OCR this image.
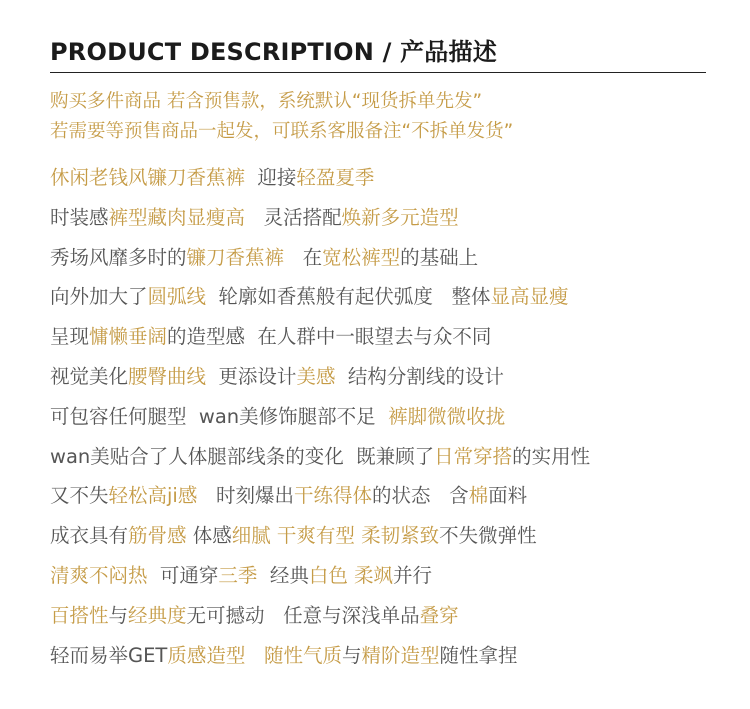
PRODUCT DESCRIPTION / 产品描述
购买多件商品 若含预售款，系统默认“现货拆单先发”
若需要等预售商品一起发，可联系客服备注“不拆单发货”
休闲老钱风镰刀香蕉裤  迎接轻盈夏季
时装感裤型藏肉显瘦高   灵活搭配焕新多元造型
秀场风靡多时的镰刀香蕉裤   在宽松裤型的基础上
向外加大了圆弧线  轮廓如香蕉般有起伏弧度   整体显高显瘦
呈现慵懒垂阔的造型感  在人群中一眼望去与众不同
视觉美化腰臀曲线  更添设计美感  结构分割线的设计
可包容任何腿型  wan美修饰腿部不足  裤脚微微收拢
wan美贴合了人体腿部线条的变化  既兼顾了日常穿搭的实用性
又不失轻松高ji感   时刻爆出干练得体的状态   含棉面料
成衣具有筋骨感 体感细腻 干爽有型 柔韧紧致不失微弹性
清爽不闷热  可通穿三季  经典白色 柔飒并行
百搭性与经典度无可撼动   任意与深浅单品叠穿
轻而易举GET质感造型 随性气质与精阶造型随性拿捏
